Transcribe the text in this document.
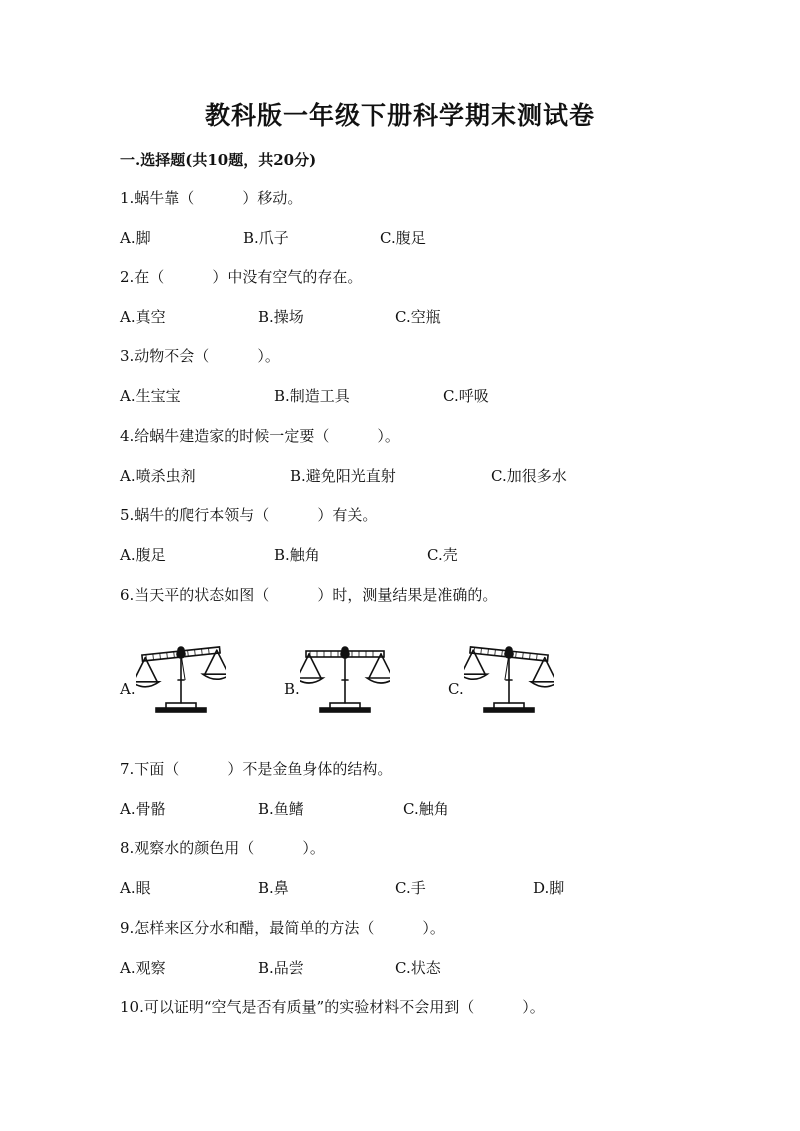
教科版一年级下册科学期末测试卷
一.选择题(共10题，共20分)
1.蜗牛靠（	）移动。
A.脚	B.爪子	C.腹足
2.在（	）中没有空气的存在。
A.真空	B.操场	C.空瓶
3.动物不会（	）。
A.生宝宝	B.制造工具	C.呼吸
4.给蜗牛建造家的时候一定要（	）。
A.喷杀虫剂	B.避免阳光直射	C.加很多水
5.蜗牛的爬行本领与（	）有关。
A.腹足	B.触角	C.壳
6.当天平的状态如图（	）时，测量结果是准确的。
A.	B.	C.
7.下面（	）不是金鱼身体的结构。
A.骨骼	B.鱼鳍	C.触角
8.观察水的颜色用（	）。
A.眼	B.鼻	C.手	D.脚
9.怎样来区分水和醋，最简单的方法（	）。
A.观察	B.品尝	C.状态
10.可以证明“空气是否有质量”的实验材料不会用到（	）。
